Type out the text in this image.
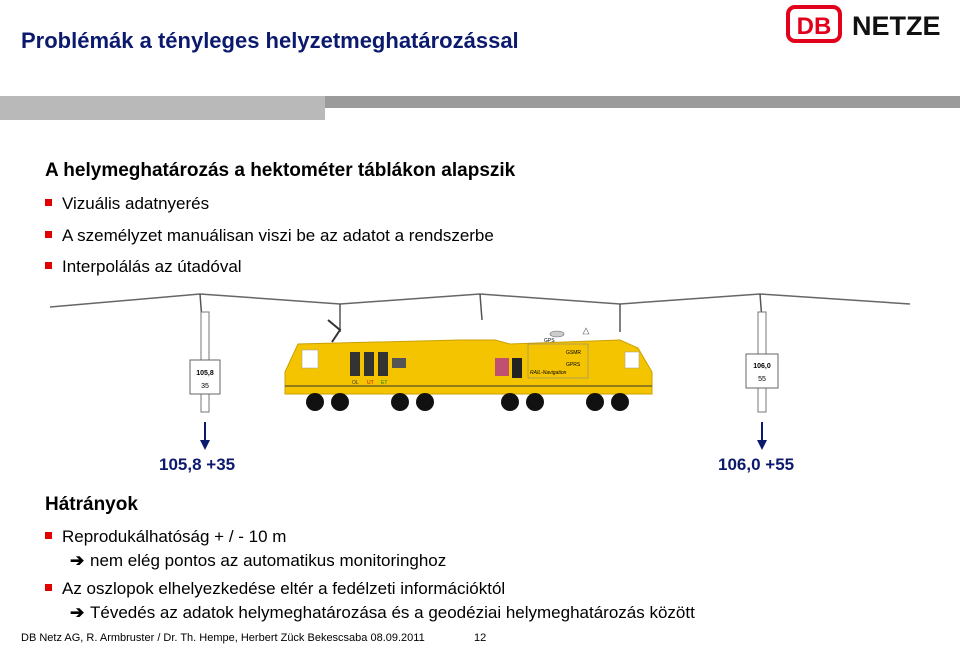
Problémák a tényleges helyzetmeghatározással
DB NETZE
A helymeghatározás a hektométer táblákon alapszik
Vizuális adatnyerés
A személyzet manuálisan viszi be az adatot a rendszerbe
Interpolálás az útadóval
105,8
35
106,0
55
OL UT ET
GPS
GSMR
GPRS
RAIL-Navigation
105,8 +35	106,0 +55
Hátrányok
Reprodukálhatóság + / - 10 m
➔ nem elég pontos az automatikus monitoringhoz
Az oszlopok elhelyezkedése eltér a fedélzeti információktól
➔ Tévedés az adatok helymeghatározása és a geodéziai helymeghatározás között
DB Netz AG, R. Armbruster / Dr. Th. Hempe, Herbert Zück Bekescsaba 08.09.2011	12
